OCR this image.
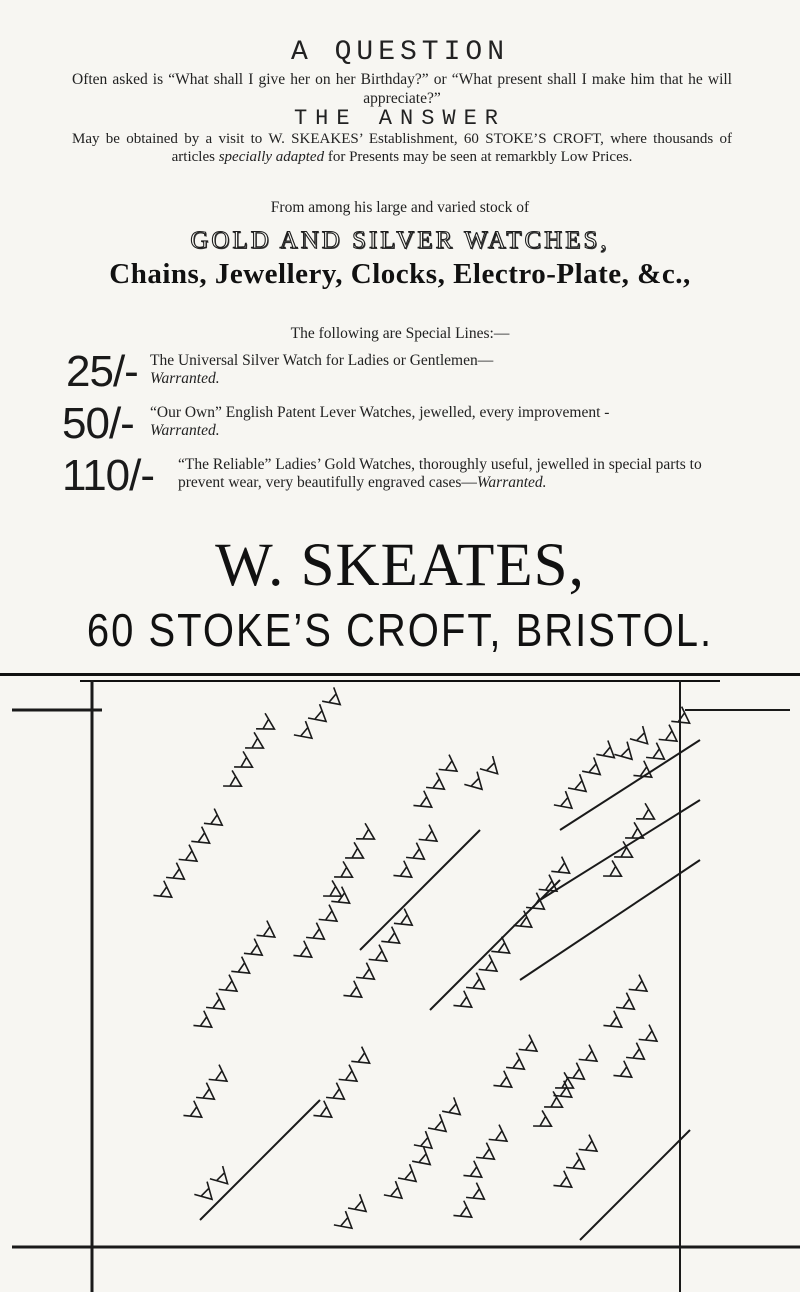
A QUESTION

Often asked is “What shall I give her on her Birthday?” or “What present shall I make him that he will appreciate?”

THE ANSWER

May be obtained by a visit to W. SKEAKES’ Establishment, 60 STOKE’S CROFT, where thousands of articles specially adapted for Presents may be seen at remarkbly Low Prices.

From among his large and varied stock of
GOLD AND SILVER WATCHES,
Chains, Jewellery, Clocks, Electro-Plate, &c.,
The following are Special Lines:—
25/- The Universal Silver Watch for Ladies or Gentlemen—
Warranted.
50/- “Our Own” English Patent Lever Watches, jewelled, every improvement -
Warranted.
110/- “The Reliable” Ladies’ Gold Watches, thoroughly useful, jewelled in special parts to prevent wear, very beautifully engraved cases—Warranted.
W. SKEATES,
60 STOKE’S CROFT, BRISTOL.
